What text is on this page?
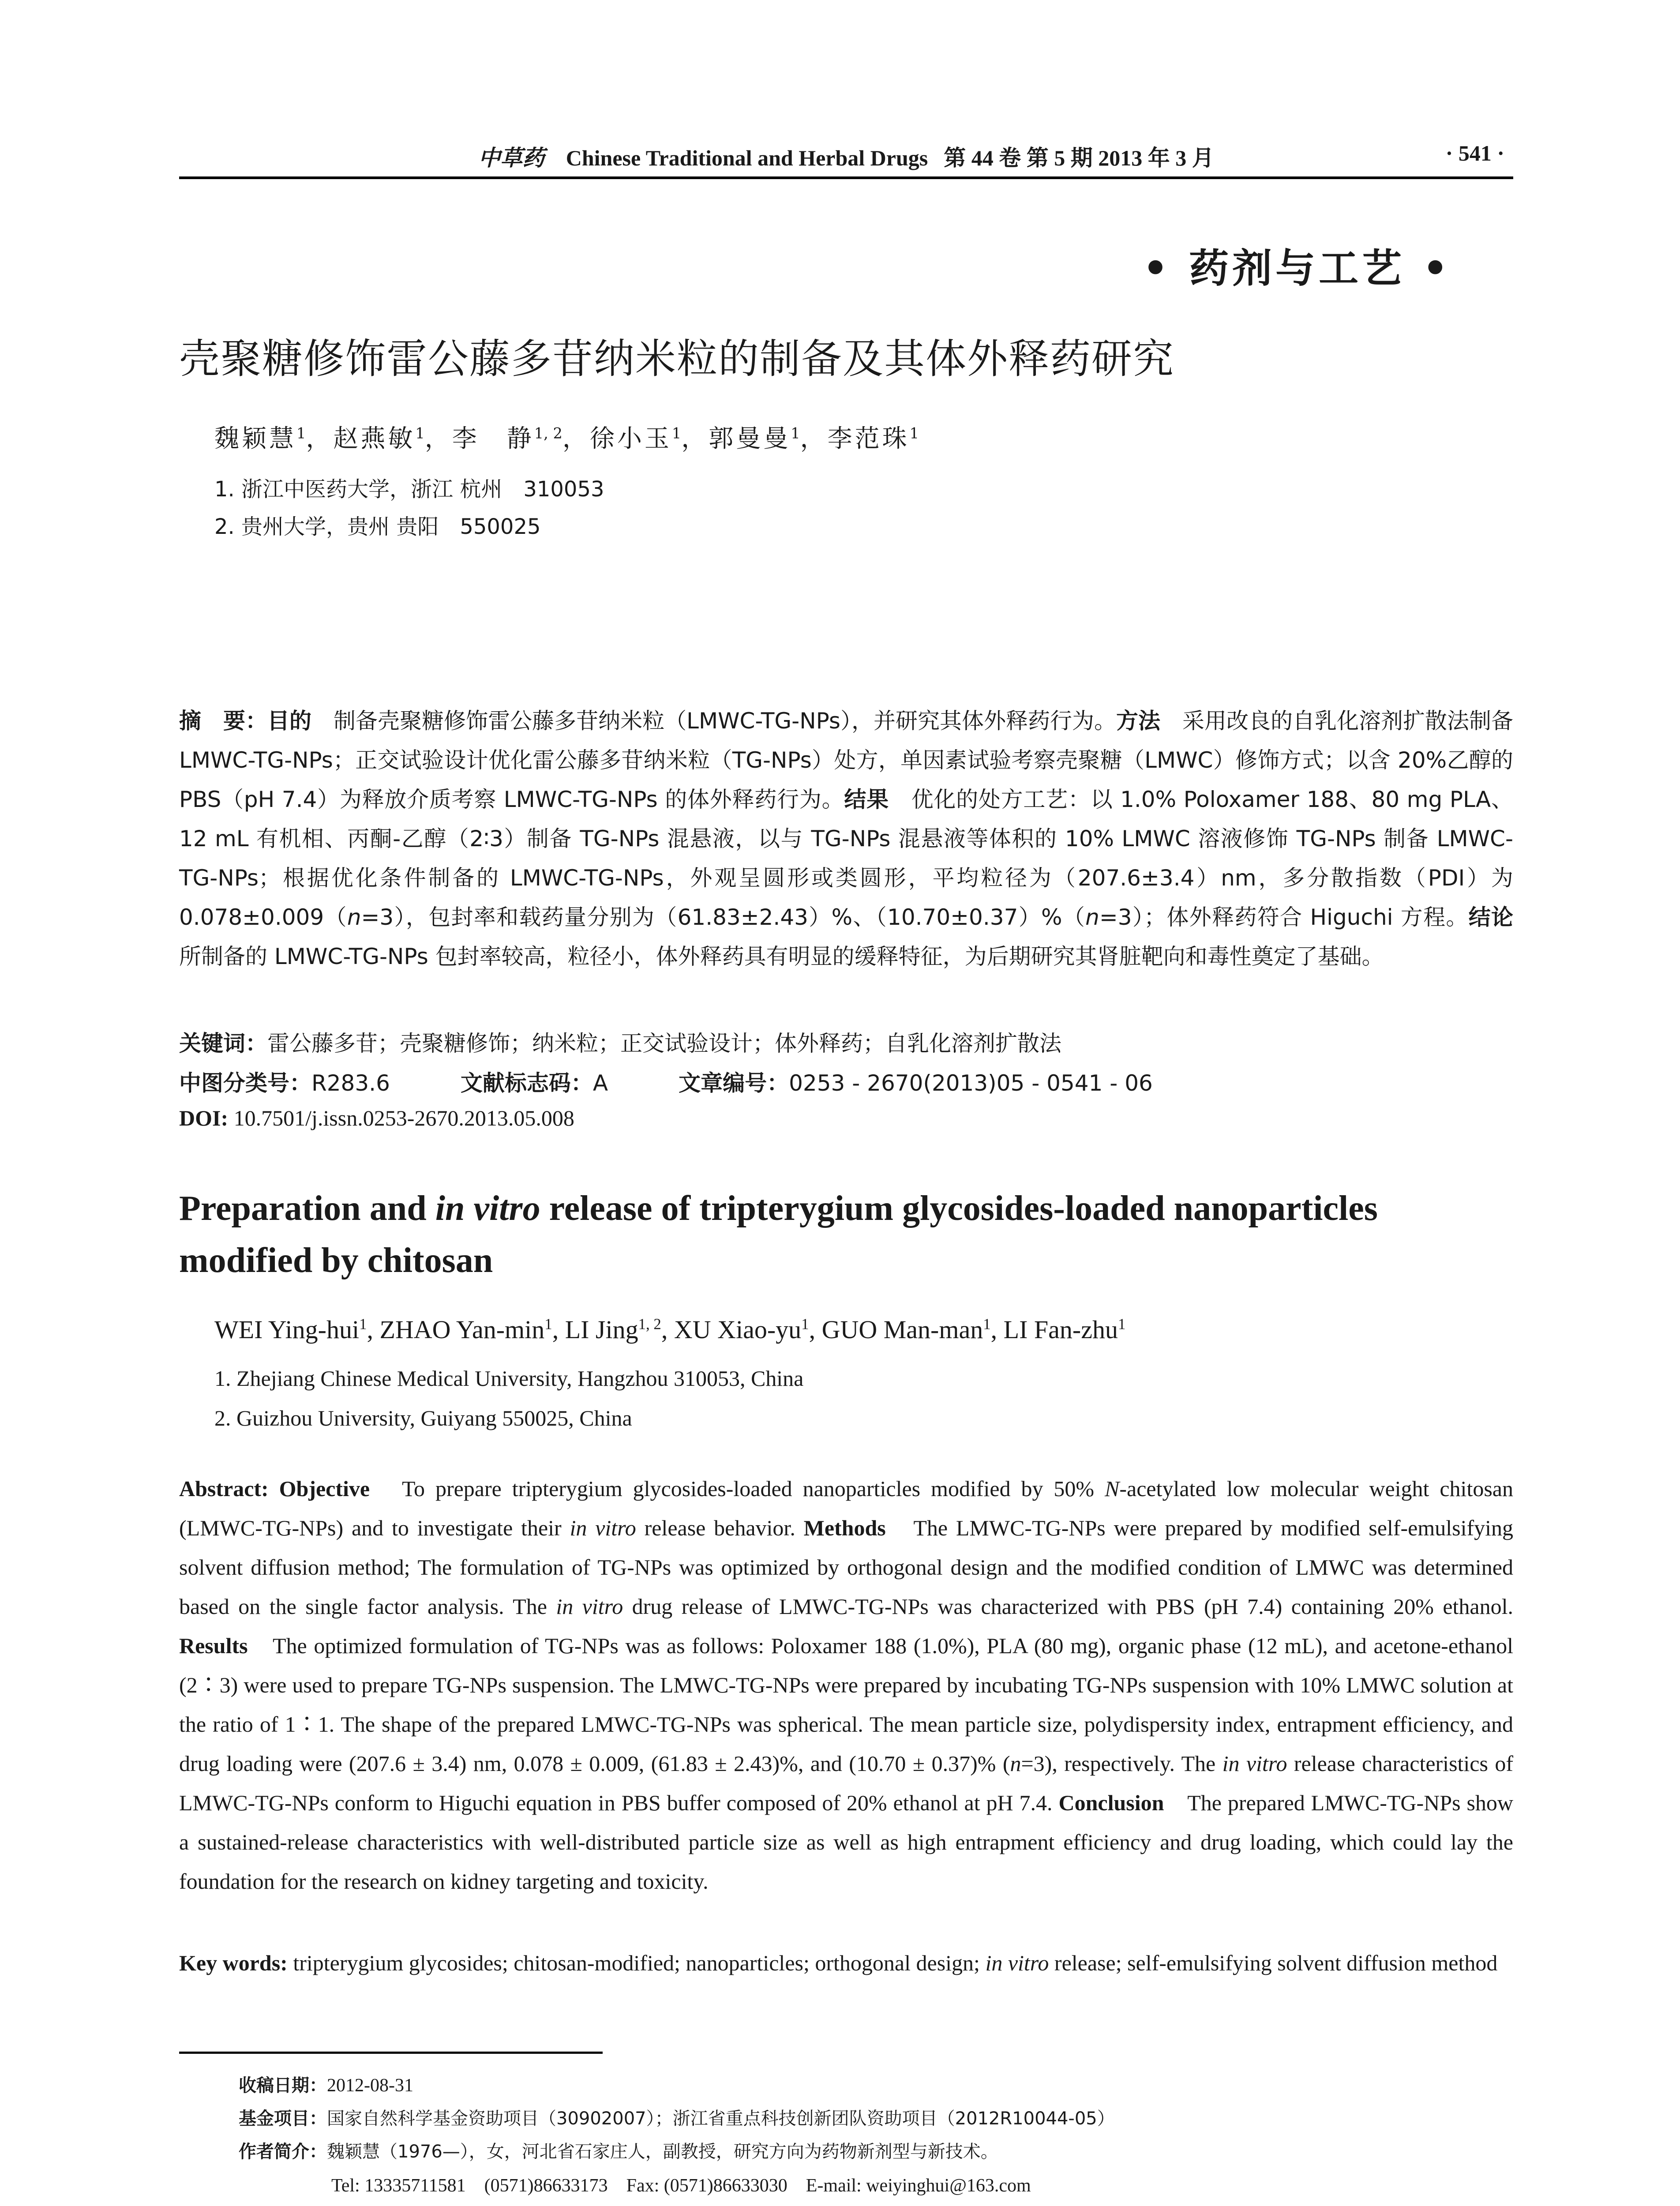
中草药 Chinese Traditional and Herbal Drugs 第 44 卷 第 5 期 2013 年 3 月	· 541 ·
• 药剂与工艺 •
壳聚糖修饰雷公藤多苷纳米粒的制备及其体外释药研究
魏颖慧$^1$，赵燕敏$^1$，李　静$^{1, 2}$，徐小玉$^1$，郭曼曼$^1$，李范珠$^1$
1. 浙江中医药大学，浙江 杭州　310053
2. 贵州大学，贵州 贵阳　550025
摘　要：目的　 制备壳聚糖修饰雷公藤多苷纳米粒（LMWC-TG-NPs），并研究其体外释药行为。方法　 采用改良的自乳化溶剂扩散法制备 LMWC-TG-NPs；正交试验设计优化雷公藤多苷纳米粒（TG-NPs）处方，单因素试验考察壳聚糖（LMWC）修饰方式；以含 20%乙醇的 PBS（pH 7.4）为释放介质考察 LMWC-TG-NPs 的体外释药行为。结果　 优化的处方工艺：以 1.0% Poloxamer 188、80 mg PLA、12 mL 有机相、丙酮-乙醇（2∶3）制备 TG-NPs 混悬液，以与 TG-NPs 混悬液等体积的 10% LMWC 溶液修饰 TG-NPs 制备 LMWC-TG-NPs；根据优化条件制备的 LMWC-TG-NPs，外观呈圆形或类圆形，平均粒径为（207.6±3.4）nm，多分散指数（PDI）为 0.078±0.009（n=3），包封率和载药量分别为（61.83±2.43）%、（10.70±0.37）%（n=3）；体外释药符合 Higuchi 方程。结论　所制备的 LMWC-TG-NPs 包封率较高，粒径小，体外释药具有明显的缓释特征，为后期研究其肾脏靶向和毒性奠定了基础。
关键词：雷公藤多苷；壳聚糖修饰；纳米粒；正交试验设计；体外释药；自乳化溶剂扩散法
中图分类号：R283.6	文献标志码：A	文章编号：0253 - 2670(2013)05 - 0541 - 06
DOI: 10.7501/j.issn.0253-2670.2013.05.008
Preparation and in vitro release of tripterygium glycosides-loaded nanoparticles modified by chitosan
WEI Ying-hui$^1$, ZHAO Yan-$\min^1$, LI Jing$^{1, 2}$, XU Xiao-$yu^1$, GUO Man-man$^1$, LI Fan-zhu$^1$
1. Zhejiang Chinese Medical University, Hangzhou 310053, China
2. Guizhou University, Guiyang 550025, China
Abstract: Objective　 To prepare tripterygium glycosides-loaded nanoparticles modified by 50% N-acetylated low molecular weight chitosan (LMWC-TG-NPs) and to investigate their in vitro release behavior. Methods　 The LMWC-TG-NPs were prepared by modified self-emulsifying solvent diffusion method; The formulation of TG-NPs was optimized by orthogonal design and the modified condition of LMWC was determined based on the single factor analysis. The in vitro drug release of LMWC-TG-NPs was characterized with PBS (pH 7.4) containing 20% ethanol. Results　 The optimized formulation of TG-NPs was as follows: Poloxamer 188 (1.0%), PLA (80 mg), organic phase (12 mL), and acetone-ethanol (2∶3) were used to prepare TG-NPs suspension. The LMWC-TG-NPs were prepared by incubating TG-NPs suspension with 10% LMWC solution at the ratio of 1∶1. The shape of the prepared LMWC-TG-NPs was spherical. The mean particle size, polydispersity index, entrapment efficiency, and drug loading were (207.6 ± 3.4) nm, 0.078 ± 0.009, (61.83 ± 2.43)%, and (10.70 ± 0.37)% (n=3), respectively. The in vitro release characteristics of LMWC-TG-NPs conform to Higuchi equation in PBS buffer composed of 20% ethanol at pH 7.4. Conclusion　 The prepared LMWC-TG-NPs show a sustained-release characteristics with well-distributed particle size as well as high entrapment efficiency and drug loading, which could lay the foundation for the research on kidney targeting and toxicity.
Key words: tripterygium glycosides; chitosan-modified; nanoparticles; orthogonal design; in vitro release; self-emulsifying solvent diffusion method
收稿日期：2012-08-31
基金项目：国家自然科学基金资助项目（30902007）；浙江省重点科技创新团队资助项目（2012R10044-05）
作者简介：魏颖慧（1976—），女，河北省石家庄人，副教授，研究方向为药物新剂型与新技术。
Tel: 13335711581　(0571)86633173　Fax: (0571)86633030　E-mail: weiyinghui@163.com
